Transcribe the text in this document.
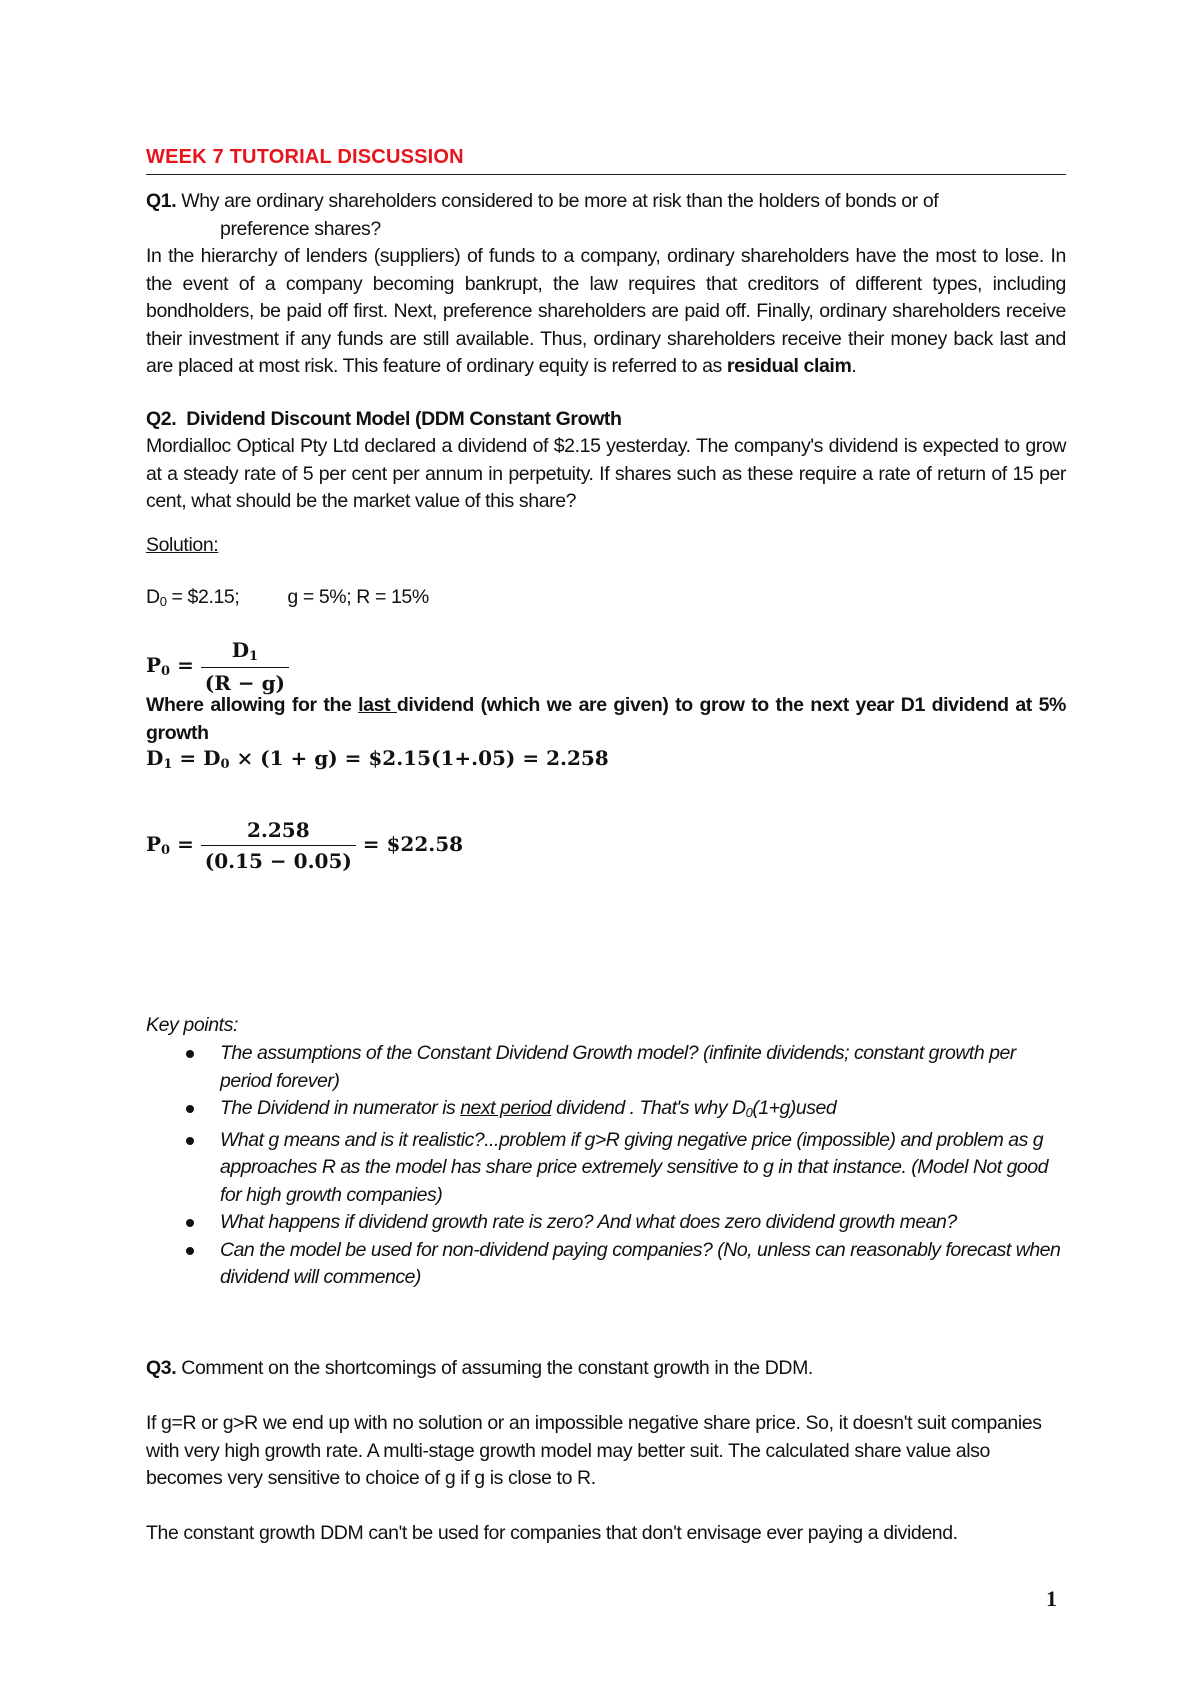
WEEK 7 TUTORIAL DISCUSSION
Q1. Why are ordinary shareholders considered to be more at risk than the holders of bonds or of
preference shares?
In the hierarchy of lenders (suppliers) of funds to a company, ordinary shareholders have the most to lose. In the event of a company becoming bankrupt, the law requires that creditors of different types, including bondholders, be paid off first. Next, preference shareholders are paid off. Finally, ordinary shareholders receive their investment if any funds are still available. Thus, ordinary shareholders receive their money back last and are placed at most risk. This feature of ordinary equity is referred to as residual claim.
Q2. Dividend Discount Model (DDM Constant Growth
Mordialloc Optical Pty Ltd declared a dividend of $2.15 yesterday. The company's dividend is expected to grow at a steady rate of 5 per cent per annum in perpetuity. If shares such as these require a rate of return of 15 per cent, what should be the market value of this share?
Solution:
$D_0$ = $2.15; g = 5%; R = 15%
$P_0 = \frac{D_1}{(R - g)}$
Where allowing for the last dividend (which we are given) to grow to the next year D1 dividend at 5% growth
$D_1 = D_0 \times (1 + g)$ = $2.15(1+.05) = 2.258
$P_0 = \frac{2.258}{(0.15 - 0.05)}$ = $22.58
Key points:
The assumptions of the Constant Dividend Growth model? (infinite dividends; constant growth per period forever)
The Dividend in numerator is next period dividend . That's why $D_0(1+g)used$
What g means and is it realistic?...problem if g>R giving negative price (impossible) and problem as g approaches R as the model has share price extremely sensitive to g in that instance. (Model Not good for high growth companies)
What happens if dividend growth rate is zero? And what does zero dividend growth mean?
Can the model be used for non-dividend paying companies? (No, unless can reasonably forecast when dividend will commence)
Q3. Comment on the shortcomings of assuming the constant growth in the DDM.
If g=R or g>R we end up with no solution or an impossible negative share price. So, it doesn't suit companies with very high growth rate. A multi-stage growth model may better suit. The calculated share value also becomes very sensitive to choice of g if g is close to R.
The constant growth DDM can't be used for companies that don't envisage ever paying a dividend.
1
